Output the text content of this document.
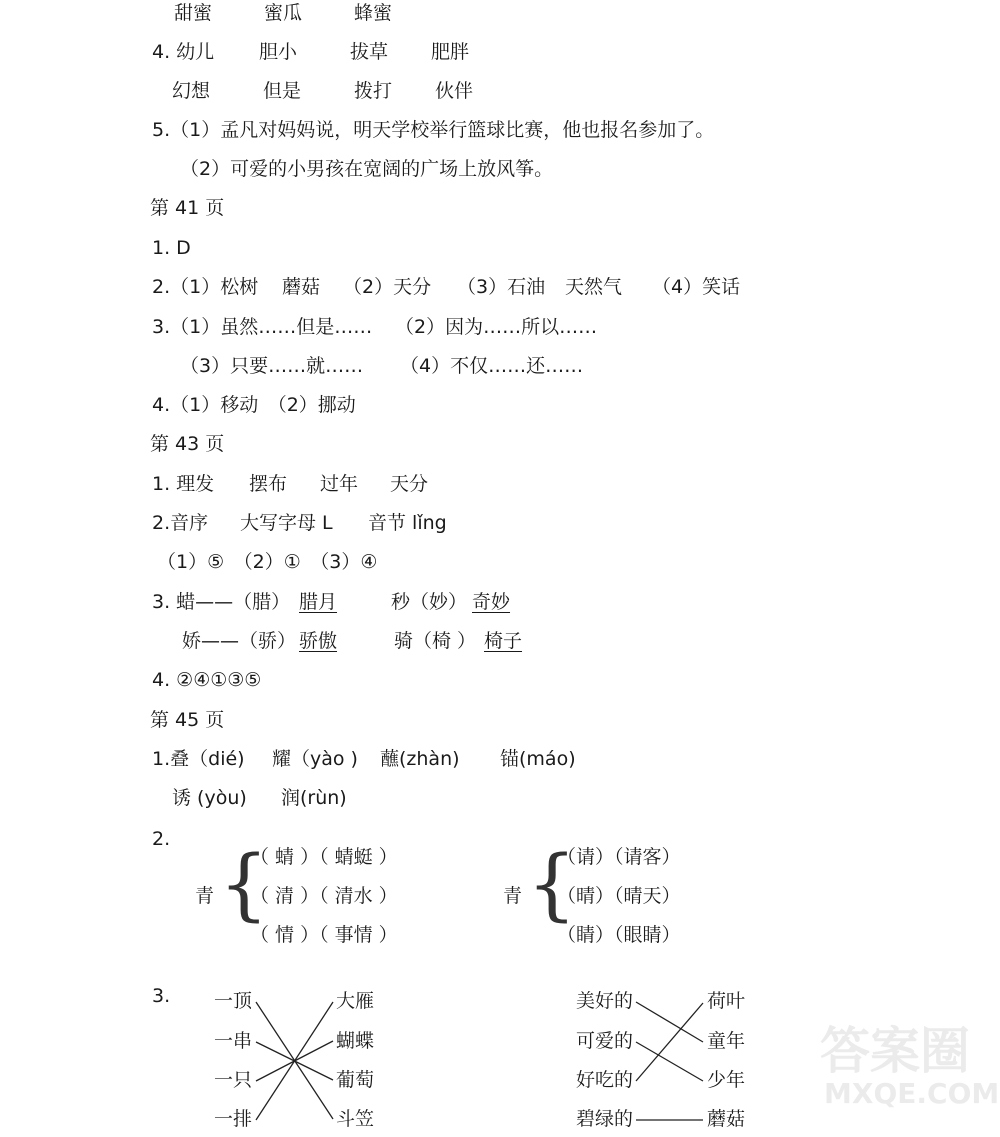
甜蜜	蜜瓜	蜂蜜
4. 幼儿 胆小	拔草 肥胖
幻想	但是	拨打 伙伴
5.（1）孟凡对妈妈说，明天学校举行篮球比赛，他也报名参加了。
（2）可爱的小男孩在宽阔的广场上放风筝。
第 41 页
1. D
2.（1）松树 蘑菇 （2）天分 （3）石油 天然气 （4）笑话
3.（1）虽然……但是…… （2）因为……所以……
（3）只要……就…… （4）不仅……还……
4.（1）移动　（2）挪动
第 43 页
1. 理发 摆布 过年 天分
2.音序 大写字母 L 音节 lǐng
（1）⑤　（2）①　（3）④
3. 蜡——（腊） 腊月	秒（妙） 奇妙
娇——（骄） 骄傲	骑（椅 ） 椅子
4. ②④①③⑤
第 45 页
1.叠（dié) 耀（yào ) 蘸(zhàn) 锚(máo)
诱 (yòu) 润(rùn)
2.
青 {
（ 蜻 ）（ 蜻蜓 ）
（ 清 ）（ 清水 ）
（ 情 ）（ 事情 ）
青 {
（请）（请客）
（晴）（晴天）
（睛）（眼睛）
3. 一顶
一串
一只
一排
大雁
蝴蝶
葡萄
斗笠
美好的
可爱的
好吃的
碧绿的
荷叶
童年
少年
蘑菇
答案圈
MXQE.COM
